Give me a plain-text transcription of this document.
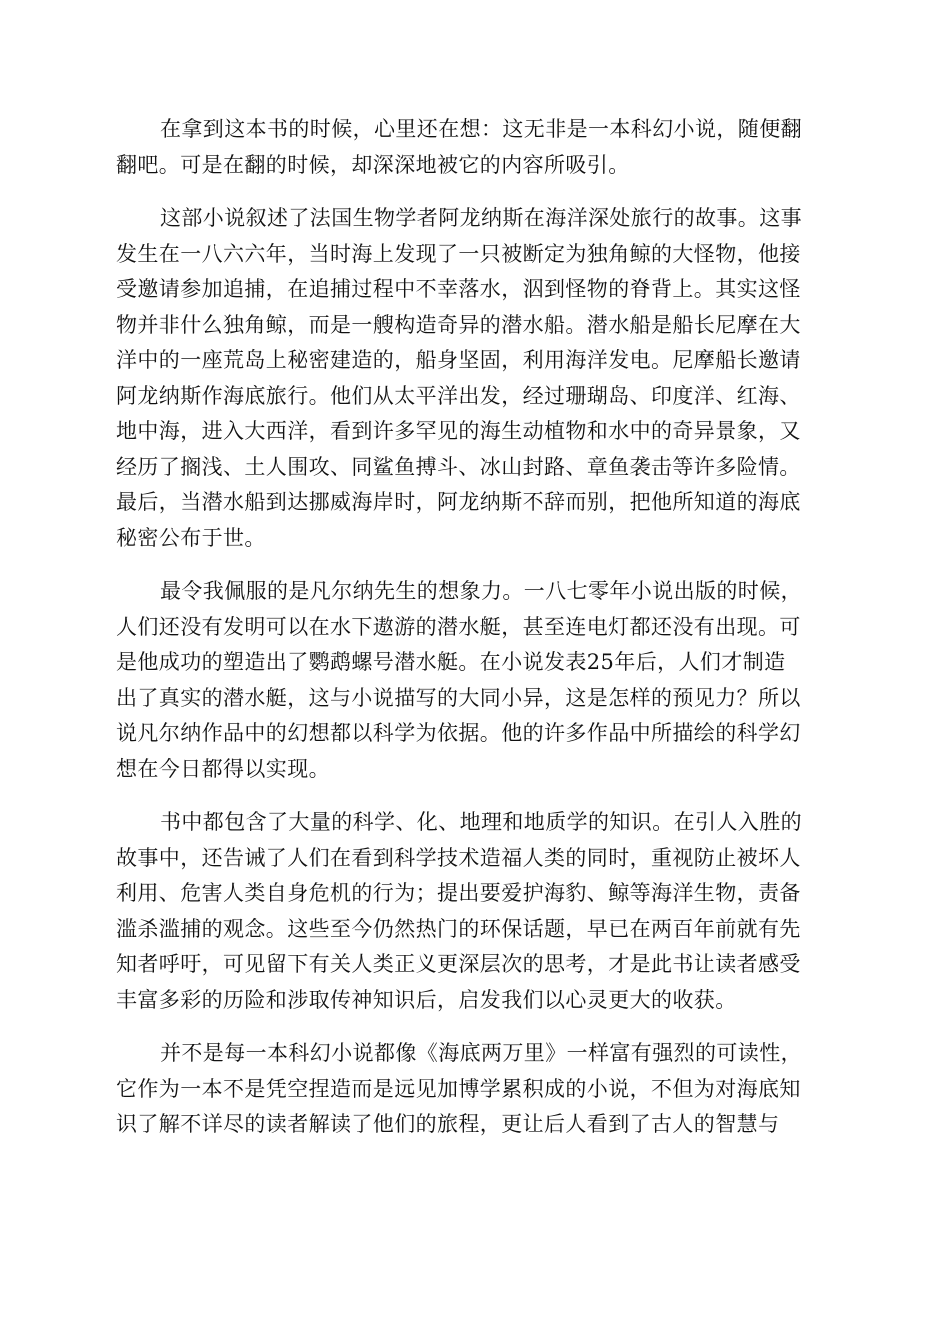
在拿到这本书的时候，心里还在想：这无非是一本科幻小说，随便翻
翻吧。可是在翻的时候，却深深地被它的内容所吸引。

这部小说叙述了法国生物学者阿龙纳斯在海洋深处旅行的故事。这事
发生在一八六六年，当时海上发现了一只被断定为独角鲸的大怪物，他接
受邀请参加追捕，在追捕过程中不幸落水，泅到怪物的脊背上。其实这怪
物并非什么独角鲸，而是一艘构造奇异的潜水船。潜水船是船长尼摩在大
洋中的一座荒岛上秘密建造的，船身坚固，利用海洋发电。尼摩船长邀请
阿龙纳斯作海底旅行。他们从太平洋出发，经过珊瑚岛、印度洋、红海、
地中海，进入大西洋，看到许多罕见的海生动植物和水中的奇异景象，又
经历了搁浅、土人围攻、同鲨鱼搏斗、冰山封路、章鱼袭击等许多险情。
最后，当潜水船到达挪威海岸时，阿龙纳斯不辞而别，把他所知道的海底
秘密公布于世。

最令我佩服的是凡尔纳先生的想象力。一八七零年小说出版的时候，
人们还没有发明可以在水下遨游的潜水艇，甚至连电灯都还没有出现。可
是他成功的塑造出了鹦鹉螺号潜水艇。在小说发表25年后，人们才制造
出了真实的潜水艇，这与小说描写的大同小异，这是怎样的预见力？所以
说凡尔纳作品中的幻想都以科学为依据。他的许多作品中所描绘的科学幻
想在今日都得以实现。

书中都包含了大量的科学、化、地理和地质学的知识。在引人入胜的
故事中，还告诫了人们在看到科学技术造福人类的同时，重视防止被坏人
利用、危害人类自身危机的行为；提出要爱护海豹、鲸等海洋生物，责备
滥杀滥捕的观念。这些至今仍然热门的环保话题，早已在两百年前就有先
知者呼吁，可见留下有关人类正义更深层次的思考，才是此书让读者感受
丰富多彩的历险和涉取传神知识后，启发我们以心灵更大的收获。

并不是每一本科幻小说都像《海底两万里》一样富有强烈的可读性，
它作为一本不是凭空捏造而是远见加博学累积成的小说，不但为对海底知
识了解不详尽的读者解读了他们的旅程，更让后人看到了古人的智慧与
